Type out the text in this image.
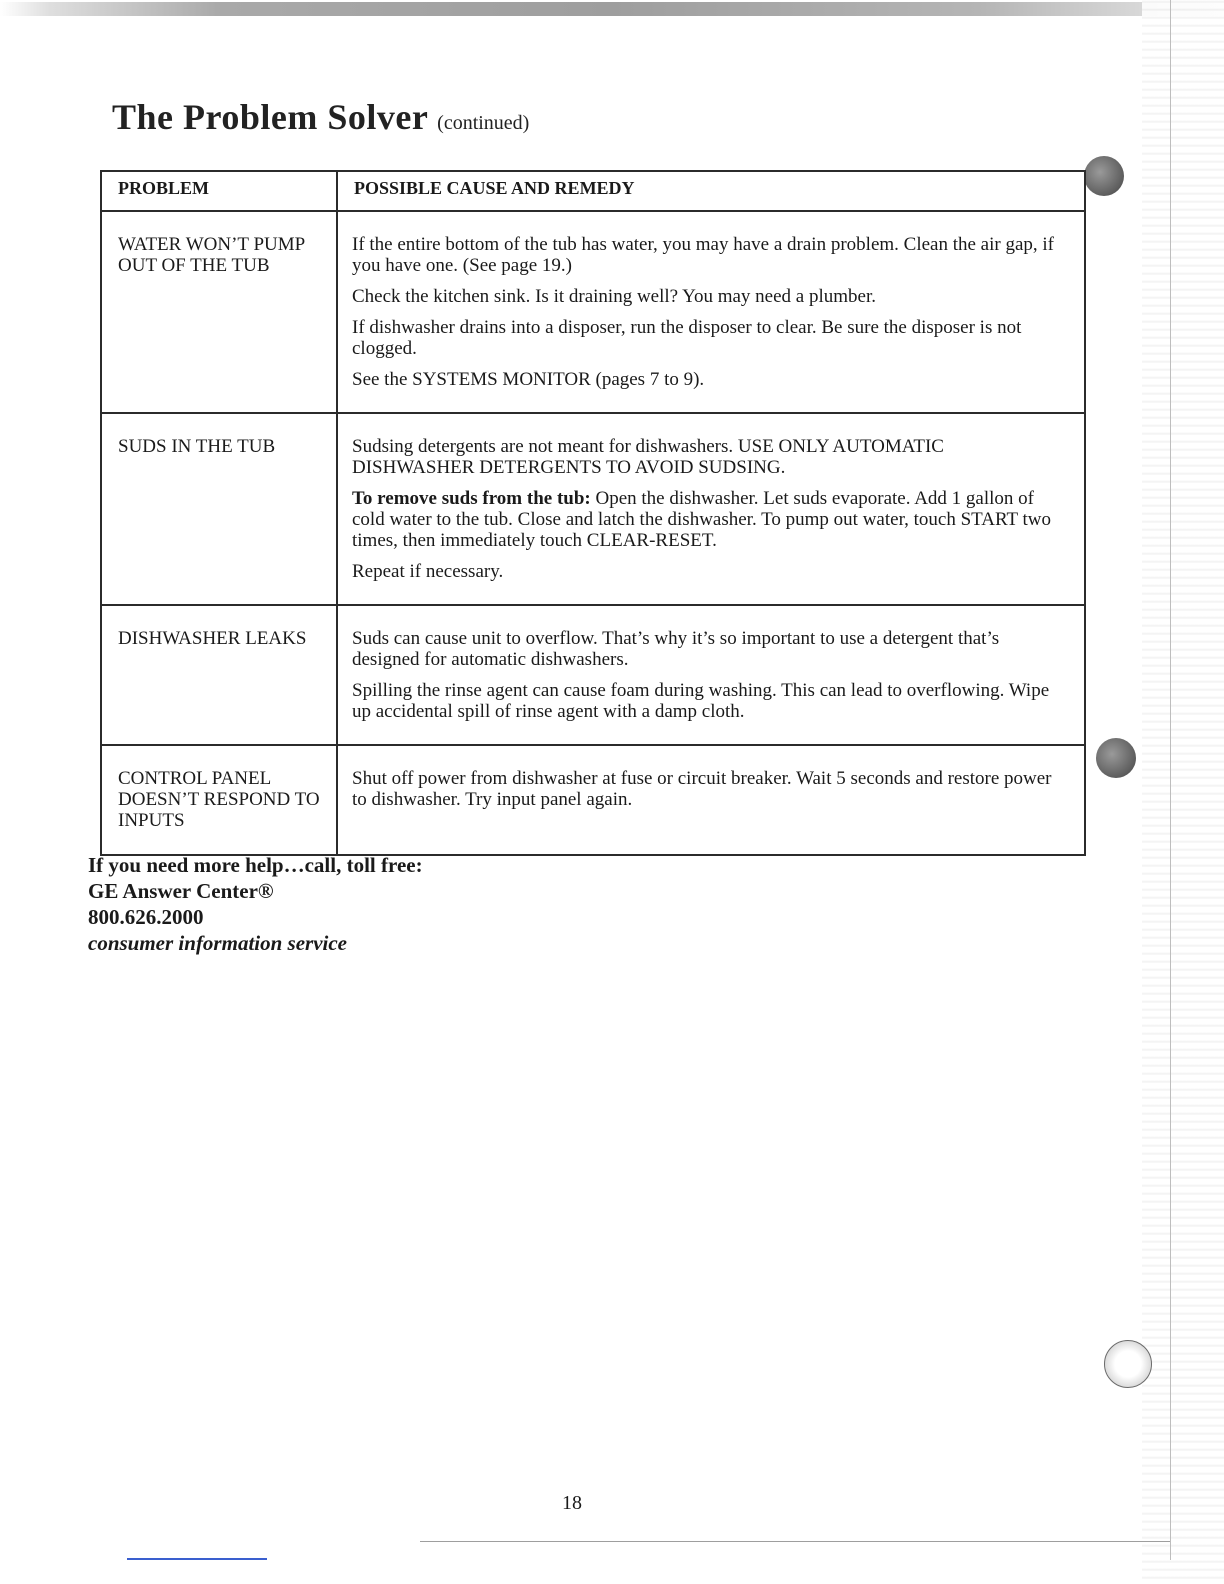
The Problem Solver (continued)
PROBLEM	POSSIBLE CAUSE AND REMEDY
WATER WON’T PUMP OUT OF THE TUB	If the entire bottom of the tub has water, you may have a drain problem. Clean the air gap, if you have one. (See page 19.)

Check the kitchen sink. Is it draining well? You may need a plumber.

If dishwasher drains into a disposer, run the disposer to clear. Be sure the disposer is not clogged.

See the SYSTEMS MONITOR (pages 7 to 9).

SUDS IN THE TUB	Sudsing detergents are not meant for dishwashers. USE ONLY AUTOMATIC DISHWASHER DETERGENTS TO AVOID SUDSING.

To remove suds from the tub: Open the dishwasher. Let suds evaporate. Add 1 gallon of cold water to the tub. Close and latch the dishwasher. To pump out water, touch START two times, then immediately touch CLEAR-RESET.

Repeat if necessary.

DISHWASHER LEAKS	Suds can cause unit to overflow. That’s why it’s so important to use a detergent that’s designed for automatic dishwashers.

Spilling the rinse agent can cause foam during washing. This can lead to overflowing. Wipe up accidental spill of rinse agent with a damp cloth.

CONTROL PANEL DOESN’T RESPOND TO INPUTS	Shut off power from dishwasher at fuse or circuit breaker. Wait 5 seconds and restore power to dishwasher. Try input panel again.

If you need more help…call, toll free:
GE Answer Center®
800.626.2000
consumer information service
18
